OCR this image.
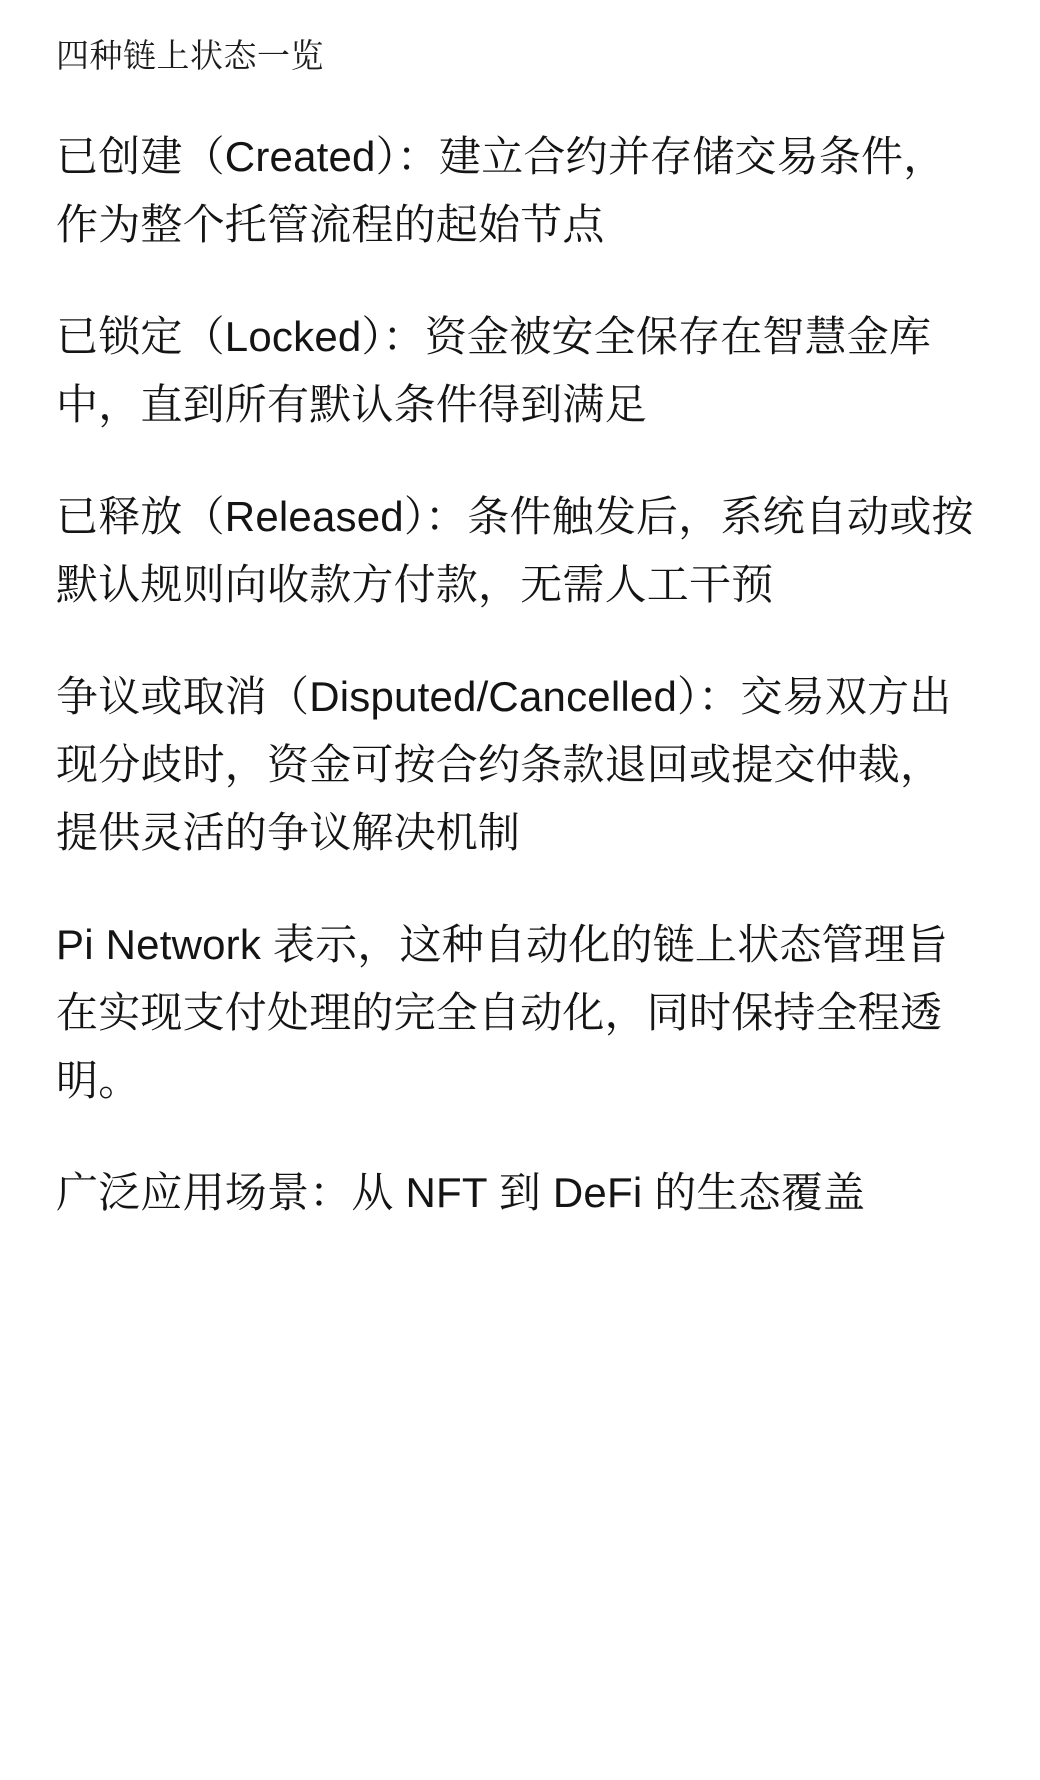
四种链上状态一览

已创建（Created）：建立合约并存储交易条件，作为整个托管流程的起始节点

已锁定（Locked）：资金被安全保存在智慧金库中，直到所有默认条件得到满足

已释放（Released）：条件触发后，系统自动或按默认规则向收款方付款，无需人工干预

争议或取消（Disputed/Cancelled）：交易双方出现分歧时，资金可按合约条款退回或提交仲裁，提供灵活的争议解决机制

Pi Network 表示，这种自动化的链上状态管理旨在实现支付处理的完全自动化，同时保持全程透明。

广泛应用场景：从 NFT 到 DeFi 的生态覆盖
